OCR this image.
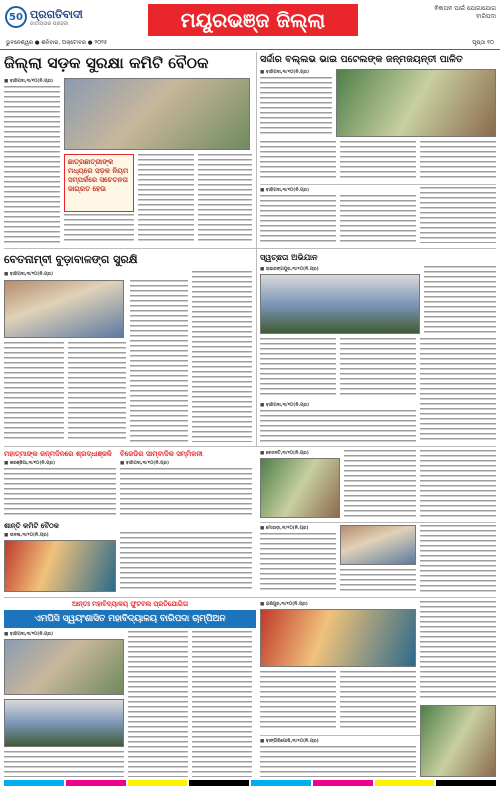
50 ପ୍ରଗତିବାଦୀ
ଜାତୀୟତାର ପ୍ରହରୀ	ମୟୂରଭଞ୍ଜ ଜିଲ୍ଲା	ଵିଜ୍ଞାପନ ପାଇଁ ଯୋଗାଯୋଗ
ବାରିପଦା
ଭୁବନେଶ୍ୱର ● ଶନିବାର, ଅକ୍ଟୋବର ● ୨୦୨୫	ପୃଷ୍ଠା ୧୦
ଜିଲ୍ଲା ସଡ଼କ ସୁରକ୍ଷା କମିଟି ବୈଠକ
■ ବାରିପଦା,୩/୧୦(ନି.ପ୍ର)
ଛାତ୍ରଛାତ୍ରୀଙ୍କ ମଧ୍ୟରେ ସଡ଼କ ନିୟମ ସମ୍ପର୍କରେ ସଚେତନତା ଜାଗ୍ରତ ହେଉ
ସର୍ଦ୍ଦାର ବଲ୍ଲଭ ଭାଇ ପଟେଲଙ୍କ ଜନ୍ମଜୟନ୍ତୀ ପାଳିତ
■ ବାରିପଦା,୩/୧୦(ନି.ପ୍ର)
■ ବାରିପଦା,୩/୧୦(ନି.ପ୍ର)
ବେତନାମ୍ବୀ ବୁଡ଼ାବାଳଙ୍ଗ ସୁରକ୍ଷି
■ ବାରିପଦା,୩/୧୦(ନି.ପ୍ର)
ସ୍ୱଚ୍ଛତା ଅଭିଯାନ
■ ରାଇରଙ୍ଗପୁର,୩/୧୦(ନି.ପ୍ର)
■ ବାରିପଦା,୩/୧୦(ନି.ପ୍ର)
ମହାତ୍ମାଙ୍କ ଜନ୍ମଦିନରେ ଶ୍ରଦ୍ଧାଞ୍ଜଳି
■ କରଞ୍ଜିଆ,୩/୧୦(ନି.ପ୍ର)
ବିଜେଡିର ସାମ୍ବାଦିକ ସମ୍ମିଳନୀ
■ ବାରିପଦା,୩/୧୦(ନି.ପ୍ର)
ଶାନ୍ତି କମିଟି ବୈଠକ
■ ଉଦଳା,୩/୧୦(ନି.ପ୍ର)
■ ବେତନଟି,୩/୧୦(ନି.ପ୍ର)
■ ମୋରଡ଼ା,୩/୧୦(ନି.ପ୍ର)
ଆନ୍ତଃ ମହାବିଦ୍ୟାଳୟ ଫୁଟବଲ ପ୍ରତିଯୋଗିତା
ଏମପିସି ସ୍ୱୟଂଶାସିତ ମହାବିଦ୍ୟାଳୟ ବାରିପଦା ଚାମ୍ପିଅନ
■ ବାରିପଦା,୩/୧୦(ନି.ପ୍ର)
■ ଯଶିପୁର,୩/୧୦(ନି.ପ୍ର)
■ ବାଙ୍ଗିରିପୋଷି,୩/୧୦(ନି.ପ୍ର)
